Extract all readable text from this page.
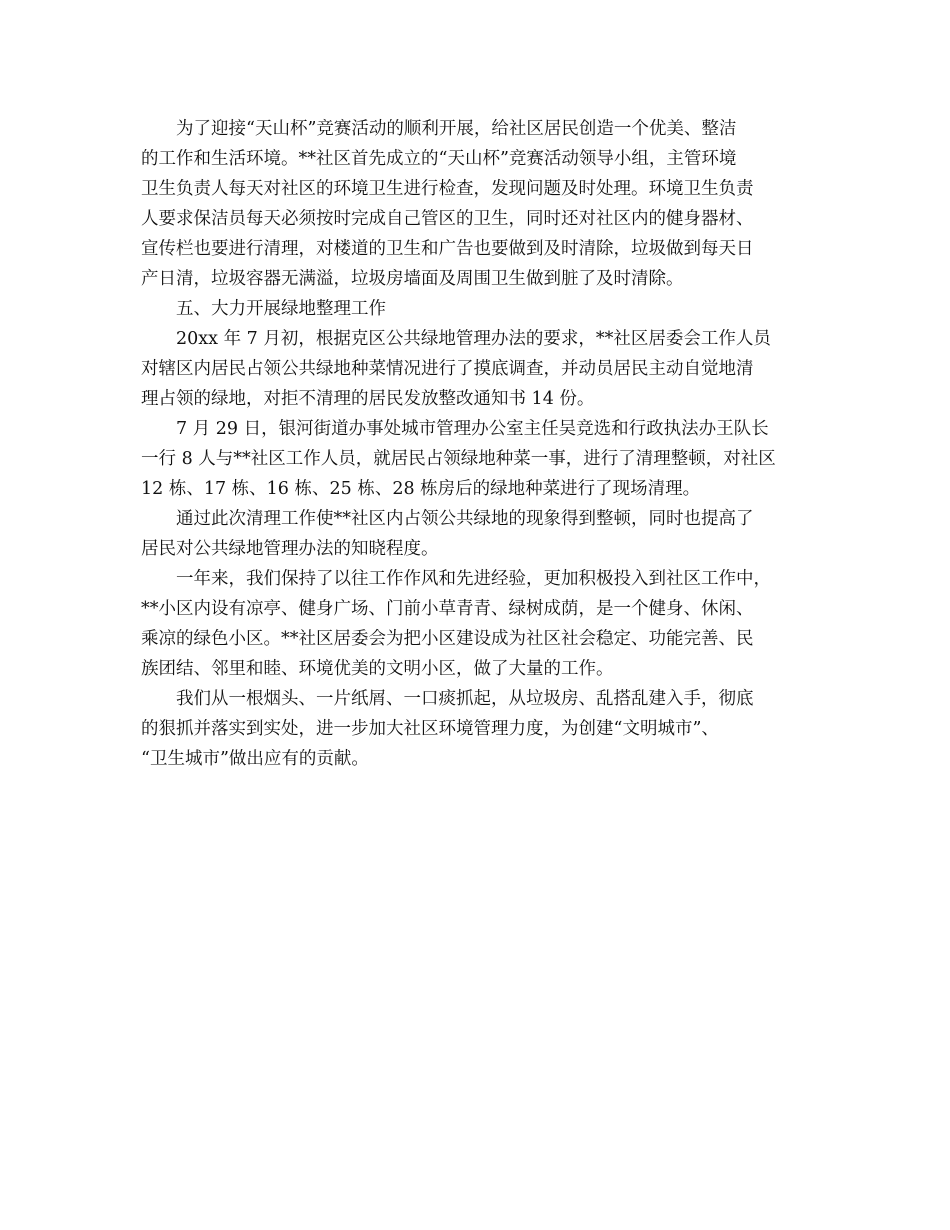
为了迎接“天山杯”竞赛活动的顺利开展，给社区居民创造一个优美、整洁
的工作和生活环境。**社区首先成立的“天山杯”竞赛活动领导小组，主管环境
卫生负责人每天对社区的环境卫生进行检查，发现问题及时处理。环境卫生负责
人要求保洁员每天必须按时完成自己管区的卫生，同时还对社区内的健身器材、
宣传栏也要进行清理，对楼道的卫生和广告也要做到及时清除，垃圾做到每天日
产日清，垃圾容器无满溢，垃圾房墙面及周围卫生做到脏了及时清除。

五、大力开展绿地整理工作

20xx 年 7 月初，根据克区公共绿地管理办法的要求，**社区居委会工作人员
对辖区内居民占领公共绿地种菜情况进行了摸底调查，并动员居民主动自觉地清
理占领的绿地，对拒不清理的居民发放整改通知书 14 份。

7 月 29 日，银河街道办事处城市管理办公室主任吴竞选和行政执法办王队长
一行 8 人与**社区工作人员，就居民占领绿地种菜一事，进行了清理整顿，对社区
12 栋、17 栋、16 栋、25 栋、28 栋房后的绿地种菜进行了现场清理。

通过此次清理工作使**社区内占领公共绿地的现象得到整顿，同时也提高了
居民对公共绿地管理办法的知晓程度。

一年来，我们保持了以往工作作风和先进经验，更加积极投入到社区工作中，
**小区内设有凉亭、健身广场、门前小草青青、绿树成荫，是一个健身、休闲、
乘凉的绿色小区。**社区居委会为把小区建设成为社区社会稳定、功能完善、民
族团结、邻里和睦、环境优美的文明小区，做了大量的工作。

我们从一根烟头、一片纸屑、一口痰抓起，从垃圾房、乱搭乱建入手，彻底
的狠抓并落实到实处，进一步加大社区环境管理力度，为创建“文明城市”、
“卫生城市”做出应有的贡献。
